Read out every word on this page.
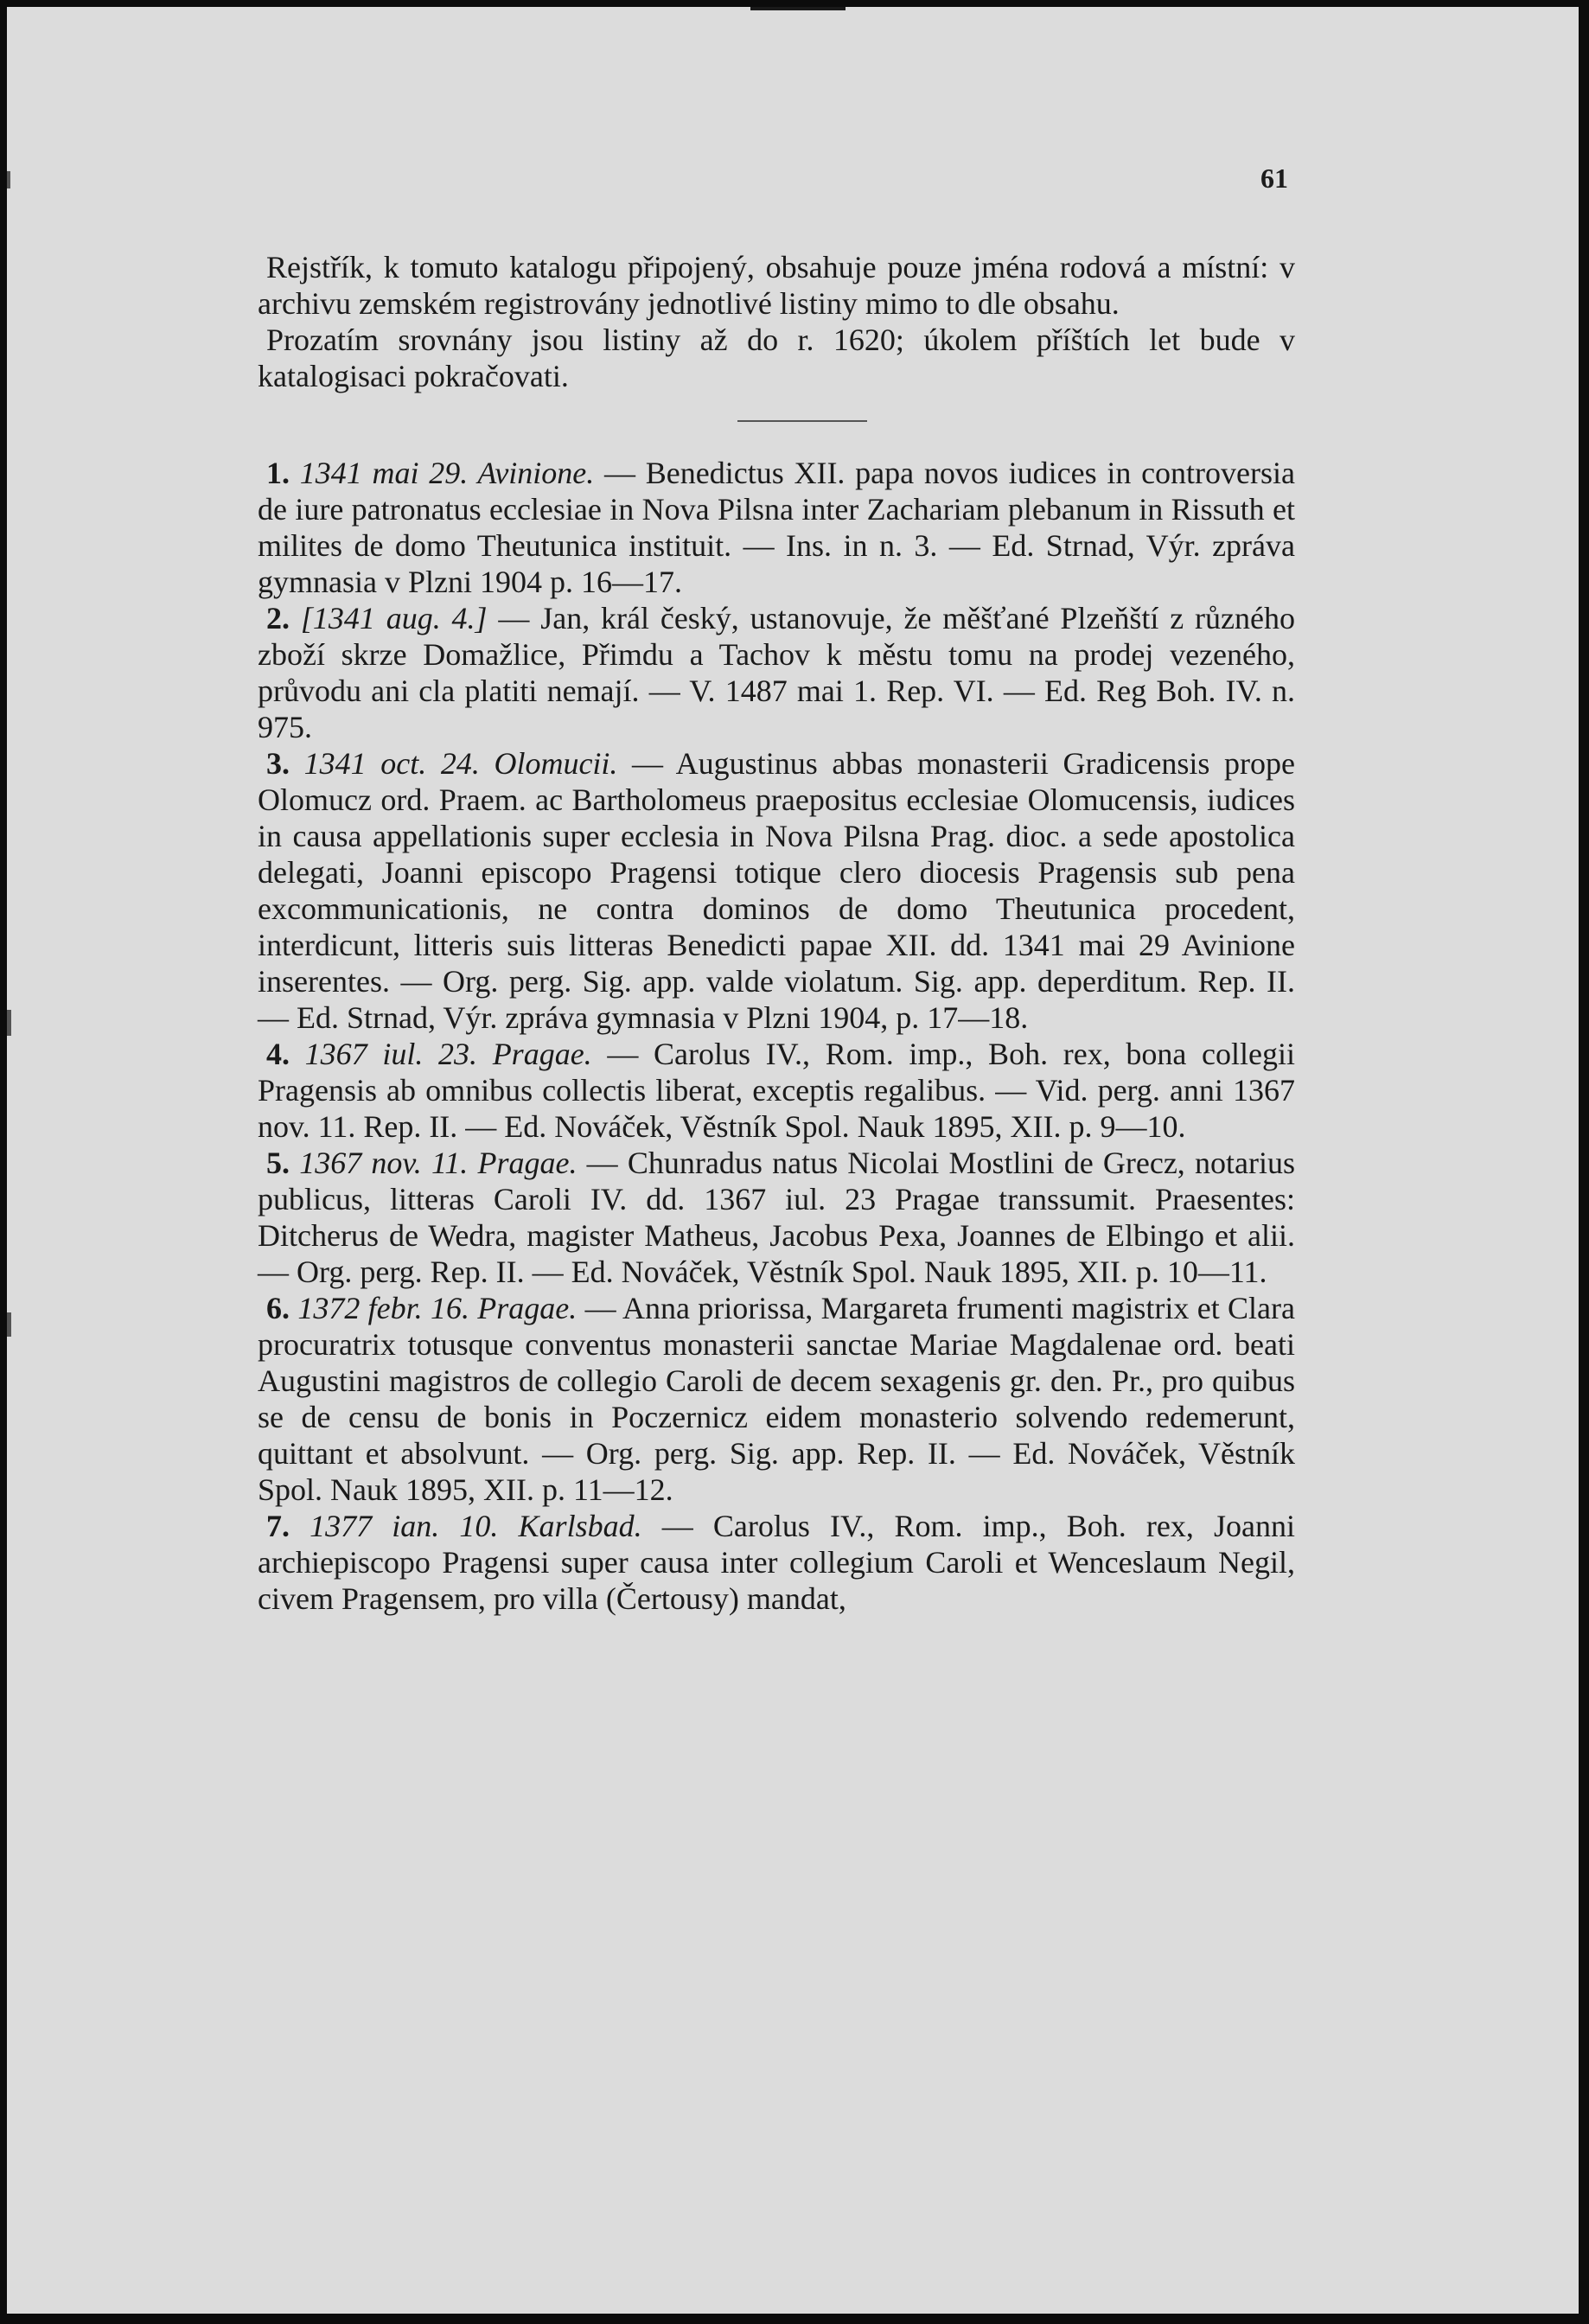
61

Rejstřík, k tomuto katalogu připojený, obsahuje pouze jména rodová a místní: v archivu zemském registrovány jednotlivé listiny mimo to dle obsahu.

Prozatím srovnány jsou listiny až do r. 1620; úkolem příštích let bude v katalogisaci pokračovati.

1. 1341 mai 29. Avinione. — Benedictus XII. papa novos iudices in controversia de iure patronatus ecclesiae in Nova Pilsna inter Zachariam plebanum in Rissuth et milites de domo Theutunica instituit. — Ins. in n. 3. — Ed. Strnad, Výr. zpráva gymnasia v Plzni 1904 p. 16—17.

2. [1341 aug. 4.] — Jan, král český, ustanovuje, že měšťané Plzeňští z různého zboží skrze Domažlice, Přimdu a Tachov k městu tomu na prodej vezeného, průvodu ani cla platiti nemají. — V. 1487 mai 1. Rep. VI. — Ed. Reg Boh. IV. n. 975.

3. 1341 oct. 24. Olomucii. — Augustinus abbas monasterii Gradicensis prope Olomucz ord. Praem. ac Bartholomeus praepositus ecclesiae Olomucensis, iudices in causa appellationis super ecclesia in Nova Pilsna Prag. dioc. a sede apostolica delegati, Joanni episcopo Pragensi totique clero diocesis Pragensis sub pena excommunicationis, ne contra dominos de domo Theutunica procedent, interdicunt, litteris suis litteras Benedicti papae XII. dd. 1341 mai 29 Avinione inserentes. — Org. perg. Sig. app. valde violatum. Sig. app. deperditum. Rep. II. — Ed. Strnad, Výr. zpráva gymnasia v Plzni 1904, p. 17—18.

4. 1367 iul. 23. Pragae. — Carolus IV., Rom. imp., Boh. rex, bona collegii Pragensis ab omnibus collectis liberat, exceptis regalibus. — Vid. perg. anni 1367 nov. 11. Rep. II. — Ed. Nováček, Věstník Spol. Nauk 1895, XII. p. 9—10.

5. 1367 nov. 11. Pragae. — Chunradus natus Nicolai Mostlini de Grecz, notarius publicus, litteras Caroli IV. dd. 1367 iul. 23 Pragae transsumit. Praesentes: Ditcherus de Wedra, magister Matheus, Jacobus Pexa, Joannes de Elbingo et alii. — Org. perg. Rep. II. — Ed. Nováček, Věstník Spol. Nauk 1895, XII. p. 10—11.

6. 1372 febr. 16. Pragae. — Anna priorissa, Margareta frumenti magistrix et Clara procuratrix totusque conventus monasterii sanctae Mariae Magdalenae ord. beati Augustini magistros de collegio Caroli de decem sexagenis gr. den. Pr., pro quibus se de censu de bonis in Poczernicz eidem monasterio solvendo redemerunt, quittant et absolvunt. — Org. perg. Sig. app. Rep. II. — Ed. Nováček, Věstník Spol. Nauk 1895, XII. p. 11—12.

7. 1377 ian. 10. Karlsbad. — Carolus IV., Rom. imp., Boh. rex, Joanni archiepiscopo Pragensi super causa inter collegium Caroli et Wenceslaum Negil, civem Pragensem, pro villa (Čertousy) mandat,
